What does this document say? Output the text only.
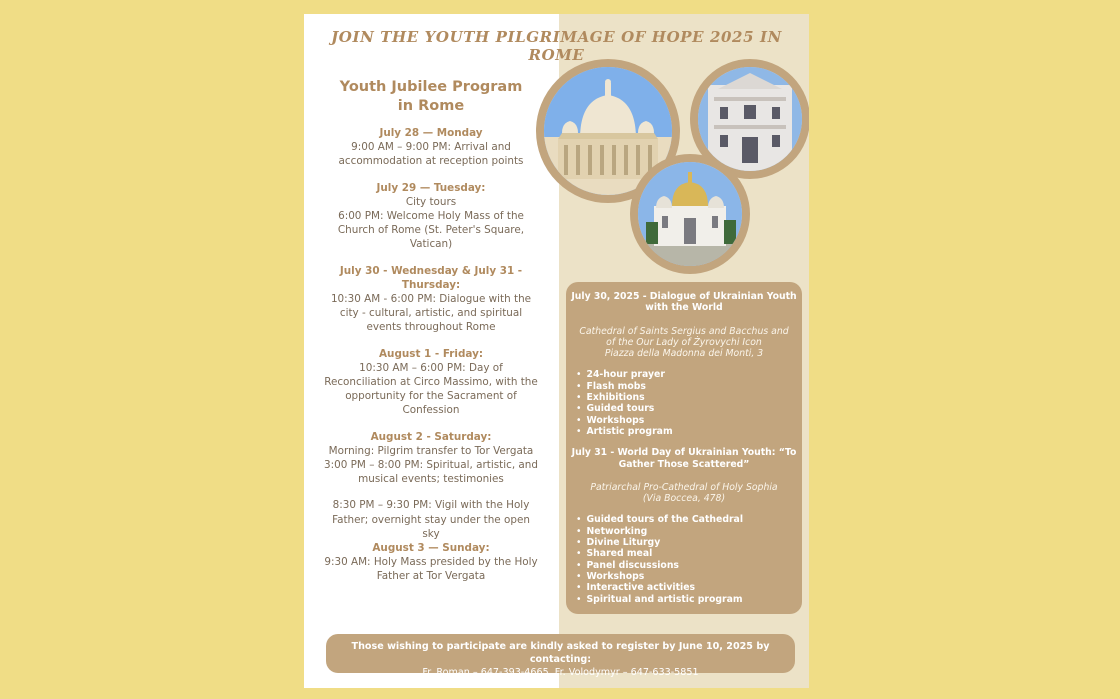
JOIN THE YOUTH PILGRIMAGE OF HOPE 2025 IN ROME
Youth Jubilee Program
in Rome
July 28 — Monday
9:00 AM – 9:00 PM: Arrival and accommodation at reception points
July 29 — Tuesday:
City tours
6:00 PM: Welcome Holy Mass of the Church of Rome (St. Peter's Square, Vatican)
July 30 - Wednesday & July 31 - Thursday:
10:30 AM - 6:00 PM: Dialogue with the city - cultural, artistic, and spiritual events throughout Rome
August 1 - Friday:
10:30 AM – 6:00 PM: Day of Reconciliation at Circo Massimo, with the opportunity for the Sacrament of Confession
August 2 - Saturday:
Morning: Pilgrim transfer to Tor Vergata
3:00 PM – 8:00 PM: Spiritual, artistic, and musical events; testimonies
8:30 PM – 9:30 PM: Vigil with the Holy Father; overnight stay under the open sky
August 3 — Sunday:
9:30 AM: Holy Mass presided by the Holy Father at Tor Vergata
July 30, 2025 - Dialogue of Ukrainian Youth with the World
Cathedral of Saints Sergius and Bacchus and
of the Our Lady of Żyrovychi Icon
Piazza della Madonna dei Monti, 3
• 24-hour prayer
• Flash mobs
• Exhibitions
• Guided tours
• Workshops
• Artistic program
July 31 - World Day of Ukrainian Youth: “To Gather Those Scattered”
Patriarchal Pro-Cathedral of Holy Sophia
(Via Boccea, 478)
• Guided tours of the Cathedral
• Networking
• Divine Liturgy
• Shared meal
• Panel discussions
• Workshops
• Interactive activities
• Spiritual and artistic program
Those wishing to participate are kindly asked to register by June 10, 2025 by contacting:
Fr. Roman – 647-393-4665, Fr. Volodymyr – 647-633-5851
